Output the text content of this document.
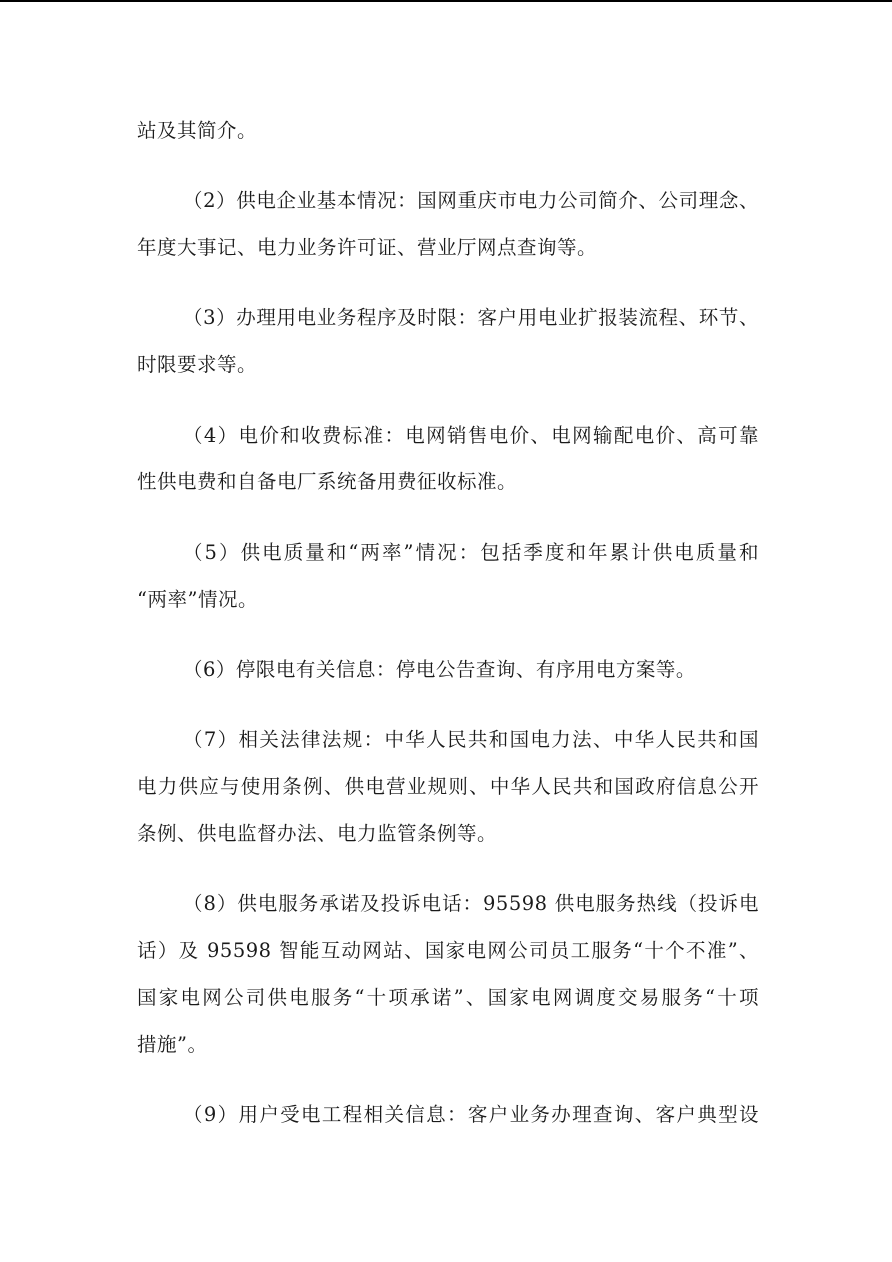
站及其简介。
（2）供电企业基本情况：国网重庆市电力公司简介、公司理念、
年度大事记、电力业务许可证、营业厅网点查询等。
（3）办理用电业务程序及时限：客户用电业扩报装流程、环节、
时限要求等。
（4）电价和收费标准：电网销售电价、电网输配电价、高可靠
性供电费和自备电厂系统备用费征收标准。
（5）供电质量和“两率”情况：包括季度和年累计供电质量和
“两率”情况。
（6）停限电有关信息：停电公告查询、有序用电方案等。
（7）相关法律法规：中华人民共和国电力法、中华人民共和国
电力供应与使用条例、供电营业规则、中华人民共和国政府信息公开
条例、供电监督办法、电力监管条例等。
（8）供电服务承诺及投诉电话：95598 供电服务热线（投诉电
话）及 95598 智能互动网站、国家电网公司员工服务“十个不准”、
国家电网公司供电服务“十项承诺”、国家电网调度交易服务“十项
措施”。
（9）用户受电工程相关信息：客户业务办理查询、客户典型设
